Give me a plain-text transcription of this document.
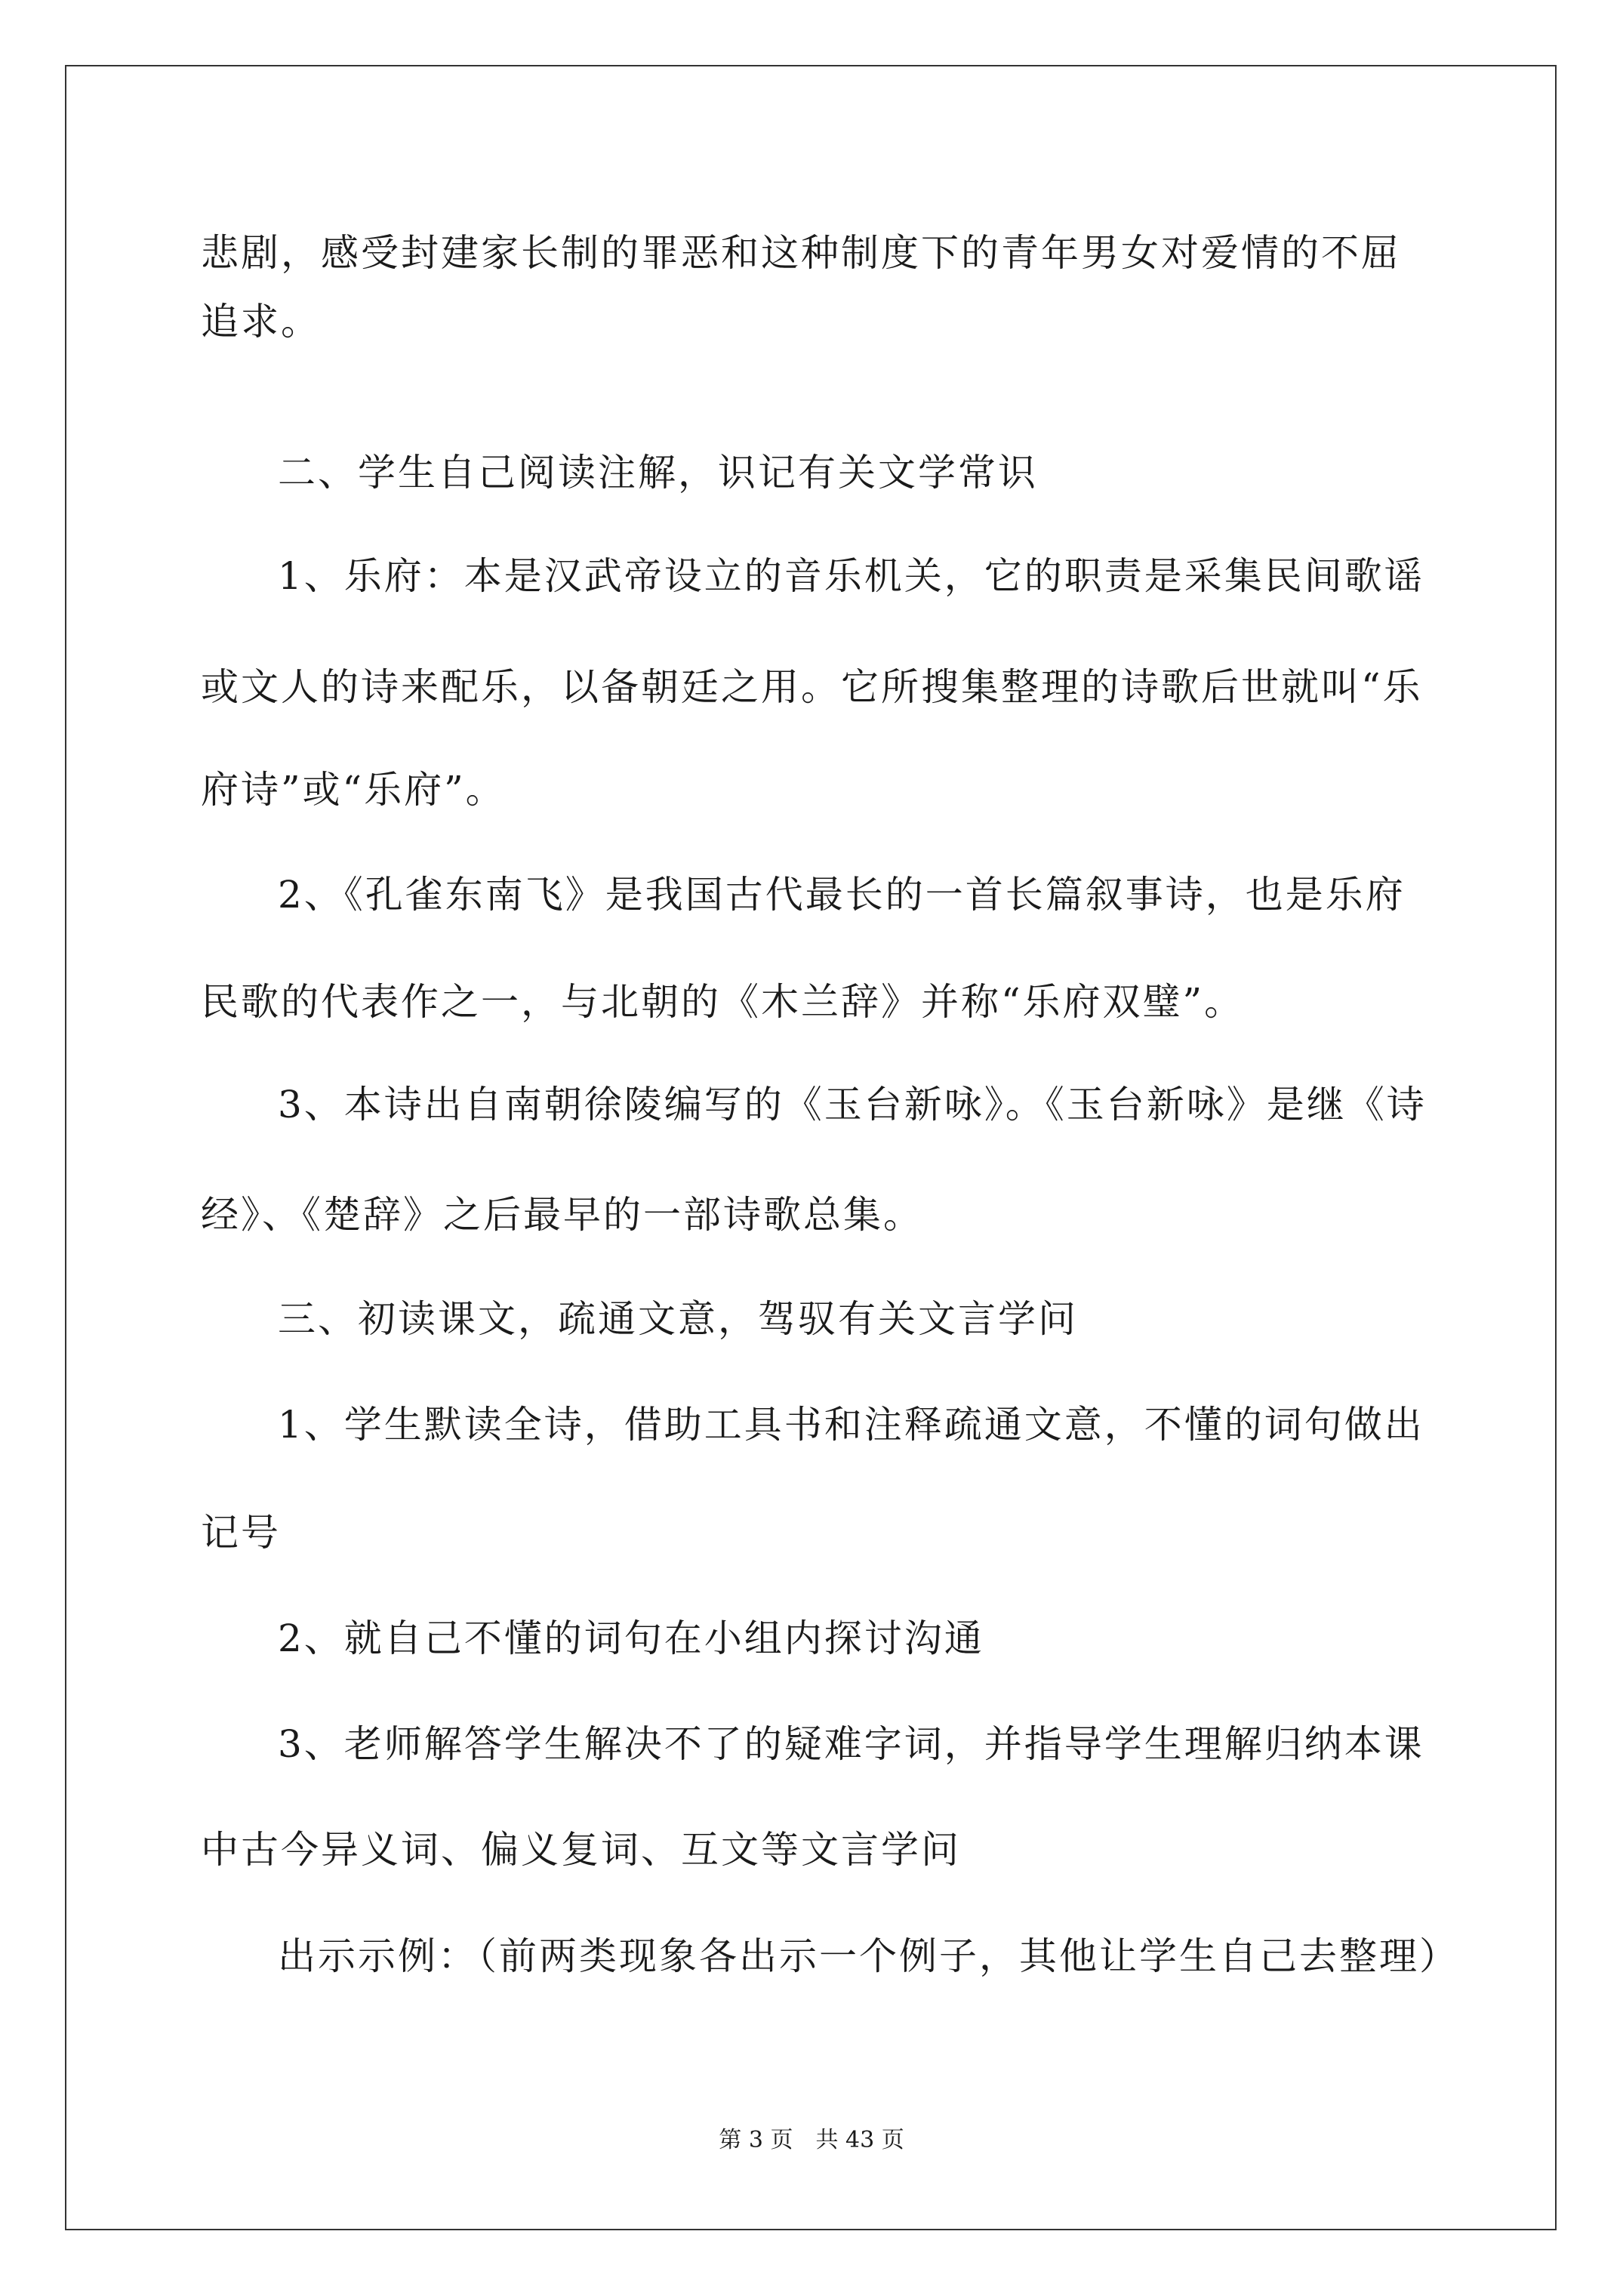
悲剧，感受封建家长制的罪恶和这种制度下的青年男女对爱情的不屈
追求。
二、学生自己阅读注解，识记有关文学常识
1、乐府：本是汉武帝设立的音乐机关，它的职责是采集民间歌谣
或文人的诗来配乐，以备朝廷之用。它所搜集整理的诗歌后世就叫“乐
府诗”或“乐府”。
2、《孔雀东南飞》是我国古代最长的一首长篇叙事诗，也是乐府
民歌的代表作之一，与北朝的《木兰辞》并称“乐府双璧”。
3、本诗出自南朝徐陵编写的《玉台新咏》。《玉台新咏》是继《诗
经》、《楚辞》之后最早的一部诗歌总集。
三、初读课文，疏通文意，驾驭有关文言学问
1、学生默读全诗，借助工具书和注释疏通文意，不懂的词句做出
记号
2、就自己不懂的词句在小组内探讨沟通
3、老师解答学生解决不了的疑难字词，并指导学生理解归纳本课
中古今异义词、偏义复词、互文等文言学问
出示示例：（前两类现象各出示一个例子，其他让学生自己去整理）
第 3 页　共 43 页
